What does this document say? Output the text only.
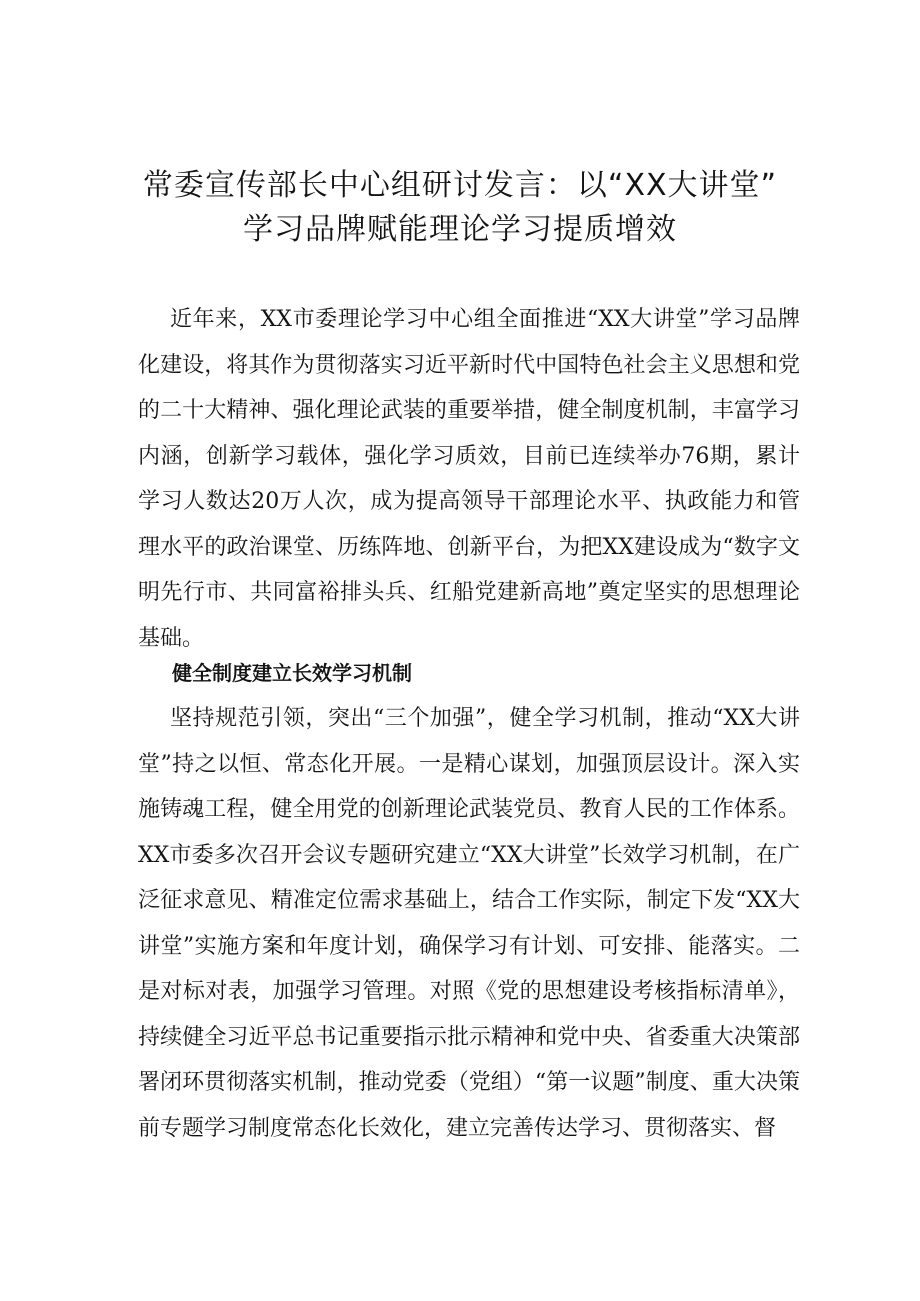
常委宣传部长中心组研讨发言：以“XX大讲堂”
学习品牌赋能理论学习提质增效

近年来，XX市委理论学习中心组全面推进“XX大讲堂”学习品牌化建设，将其作为贯彻落实习近平新时代中国特色社会主义思想和党的二十大精神、强化理论武装的重要举措，健全制度机制，丰富学习内涵，创新学习载体，强化学习质效，目前已连续举办76期，累计学习人数达20万人次，成为提高领导干部理论水平、执政能力和管理水平的政治课堂、历练阵地、创新平台，为把XX建设成为“数字文明先行市、共同富裕排头兵、红船党建新高地”奠定坚实的思想理论基础。

健全制度建立长效学习机制

坚持规范引领，突出“三个加强”，健全学习机制，推动“XX大讲堂”持之以恒、常态化开展。一是精心谋划，加强顶层设计。深入实施铸魂工程，健全用党的创新理论武装党员、教育人民的工作体系。XX市委多次召开会议专题研究建立“XX大讲堂”长效学习机制，在广泛征求意见、精准定位需求基础上，结合工作实际，制定下发“XX大讲堂”实施方案和年度计划，确保学习有计划、可安排、能落实。二是对标对表，加强学习管理。对照《党的思想建设考核指标清单》，持续健全习近平总书记重要指示批示精神和党中央、省委重大决策部署闭环贯彻落实机制，推动党委（党组）“第一议题”制度、重大决策前专题学习制度常态化长效化，建立完善传达学习、贯彻落实、督
